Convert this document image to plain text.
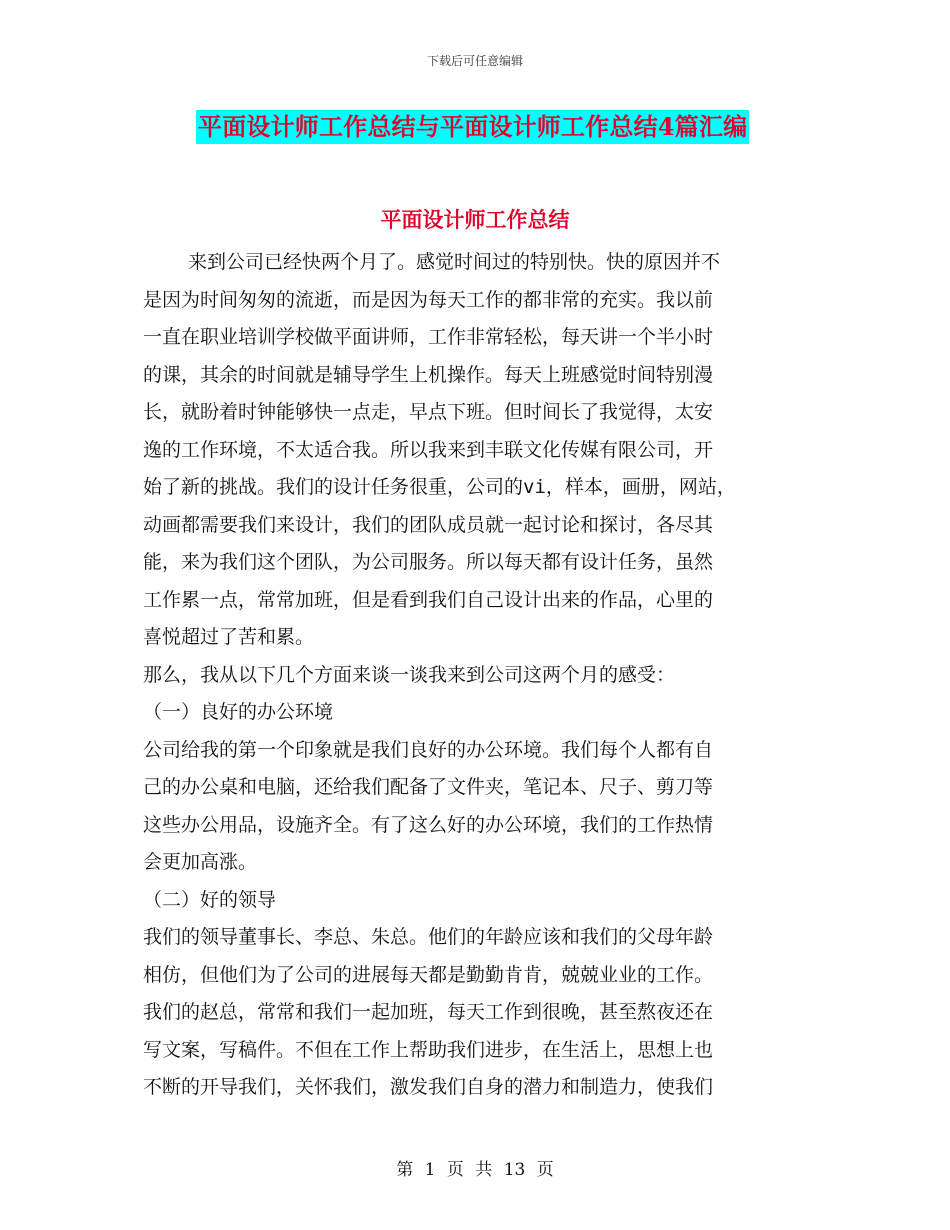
下载后可任意编辑
平面设计师工作总结与平面设计师工作总结4篇汇编
平面设计师工作总结
来到公司已经快两个月了。感觉时间过的特别快。快的原因并不
是因为时间匆匆的流逝，而是因为每天工作的都非常的充实。我以前
一直在职业培训学校做平面讲师，工作非常轻松，每天讲一个半小时
的课，其余的时间就是辅导学生上机操作。每天上班感觉时间特别漫
长，就盼着时钟能够快一点走，早点下班。但时间长了我觉得，太安
逸的工作环境，不太适合我。所以我来到丰联文化传媒有限公司，开
始了新的挑战。我们的设计任务很重，公司的vi，样本，画册，网站，
动画都需要我们来设计，我们的团队成员就一起讨论和探讨，各尽其
能，来为我们这个团队，为公司服务。所以每天都有设计任务，虽然
工作累一点，常常加班，但是看到我们自己设计出来的作品，心里的
喜悦超过了苦和累。
那么，我从以下几个方面来谈一谈我来到公司这两个月的感受：
（一）良好的办公环境
公司给我的第一个印象就是我们良好的办公环境。我们每个人都有自
己的办公桌和电脑，还给我们配备了文件夹，笔记本、尺子、剪刀等
这些办公用品，设施齐全。有了这么好的办公环境，我们的工作热情
会更加高涨。
（二）好的领导
我们的领导董事长、李总、朱总。他们的年龄应该和我们的父母年龄
相仿，但他们为了公司的进展每天都是勤勤肯肯，兢兢业业的工作。
我们的赵总，常常和我们一起加班，每天工作到很晚，甚至熬夜还在
写文案，写稿件。不但在工作上帮助我们进步，在生活上，思想上也
不断的开导我们，关怀我们，激发我们自身的潜力和制造力，使我们
第 1 页 共 13 页
